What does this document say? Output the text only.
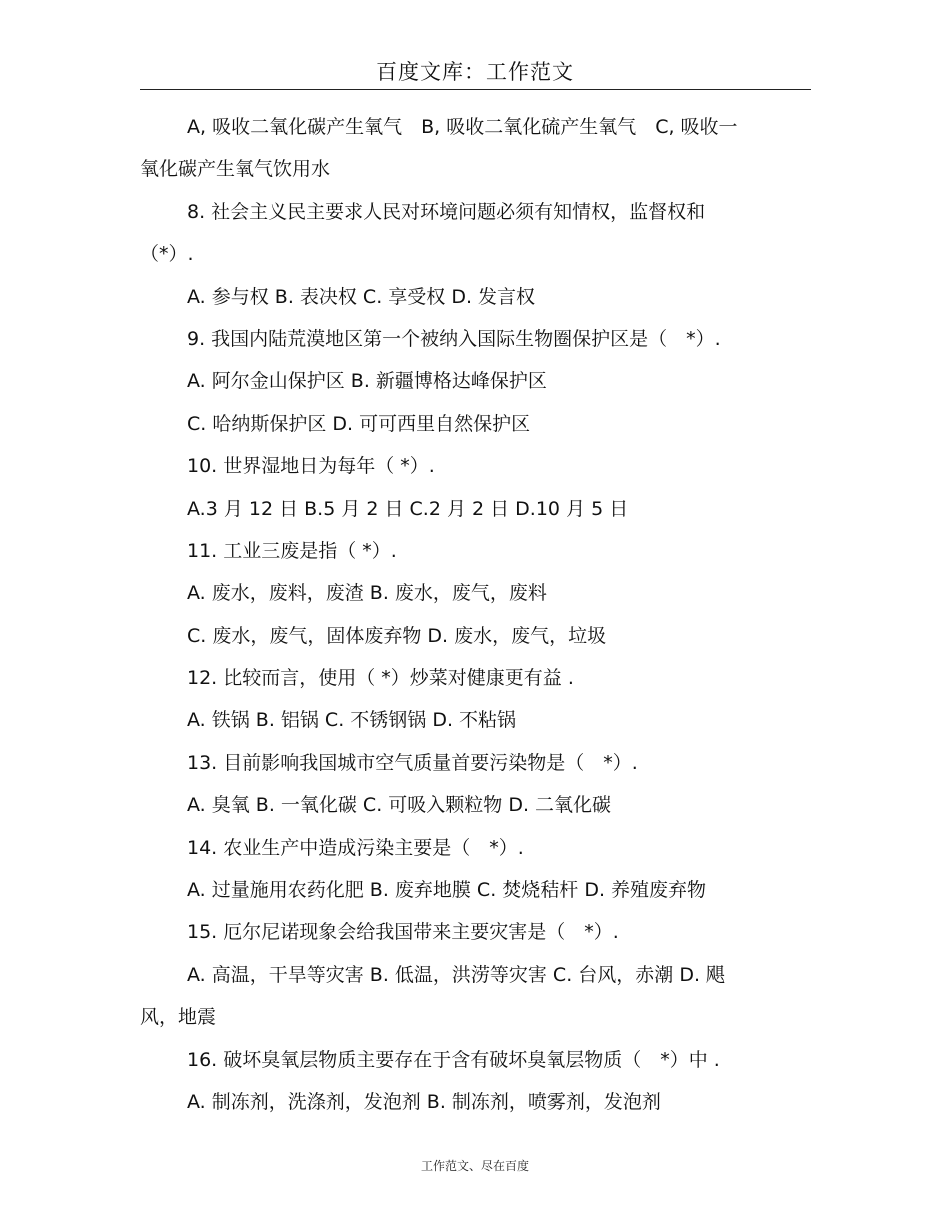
百度文库：工作范文
A, 吸收二氧化碳产生氧气　B, 吸收二氧化硫产生氧气　C, 吸收一
氧化碳产生氧气饮用水
8. 社会主义民主要求人民对环境问题必须有知情权，监督权和
（*）.
A. 参与权 B. 表决权 C. 享受权 D. 发言权
9. 我国内陆荒漠地区第一个被纳入国际生物圈保护区是（　*）.
A. 阿尔金山保护区 B. 新疆博格达峰保护区
C. 哈纳斯保护区 D. 可可西里自然保护区
10. 世界湿地日为每年（ *）.
A.3 月 12 日 B.5 月 2 日 C.2 月 2 日 D.10 月 5 日
11. 工业三废是指（ *）.
A. 废水，废料，废渣 B. 废水，废气，废料
C. 废水，废气，固体废弃物 D. 废水，废气，垃圾
12. 比较而言，使用（ *）炒菜对健康更有益 .
A. 铁锅 B. 铝锅 C. 不锈钢锅 D. 不粘锅
13. 目前影响我国城市空气质量首要污染物是（　*）.
A. 臭氧 B. 一氧化碳 C. 可吸入颗粒物 D. 二氧化碳
14. 农业生产中造成污染主要是（　*）.
A. 过量施用农药化肥 B. 废弃地膜 C. 焚烧秸杆 D. 养殖废弃物
15. 厄尔尼诺现象会给我国带来主要灾害是（　*）.
A. 高温，干旱等灾害 B. 低温，洪涝等灾害 C. 台风，赤潮 D. 飓
风，地震
16. 破坏臭氧层物质主要存在于含有破坏臭氧层物质（　*）中 .
A. 制冻剂，洗涤剂，发泡剂 B. 制冻剂，喷雾剂，发泡剂
工作范文、尽在百度
